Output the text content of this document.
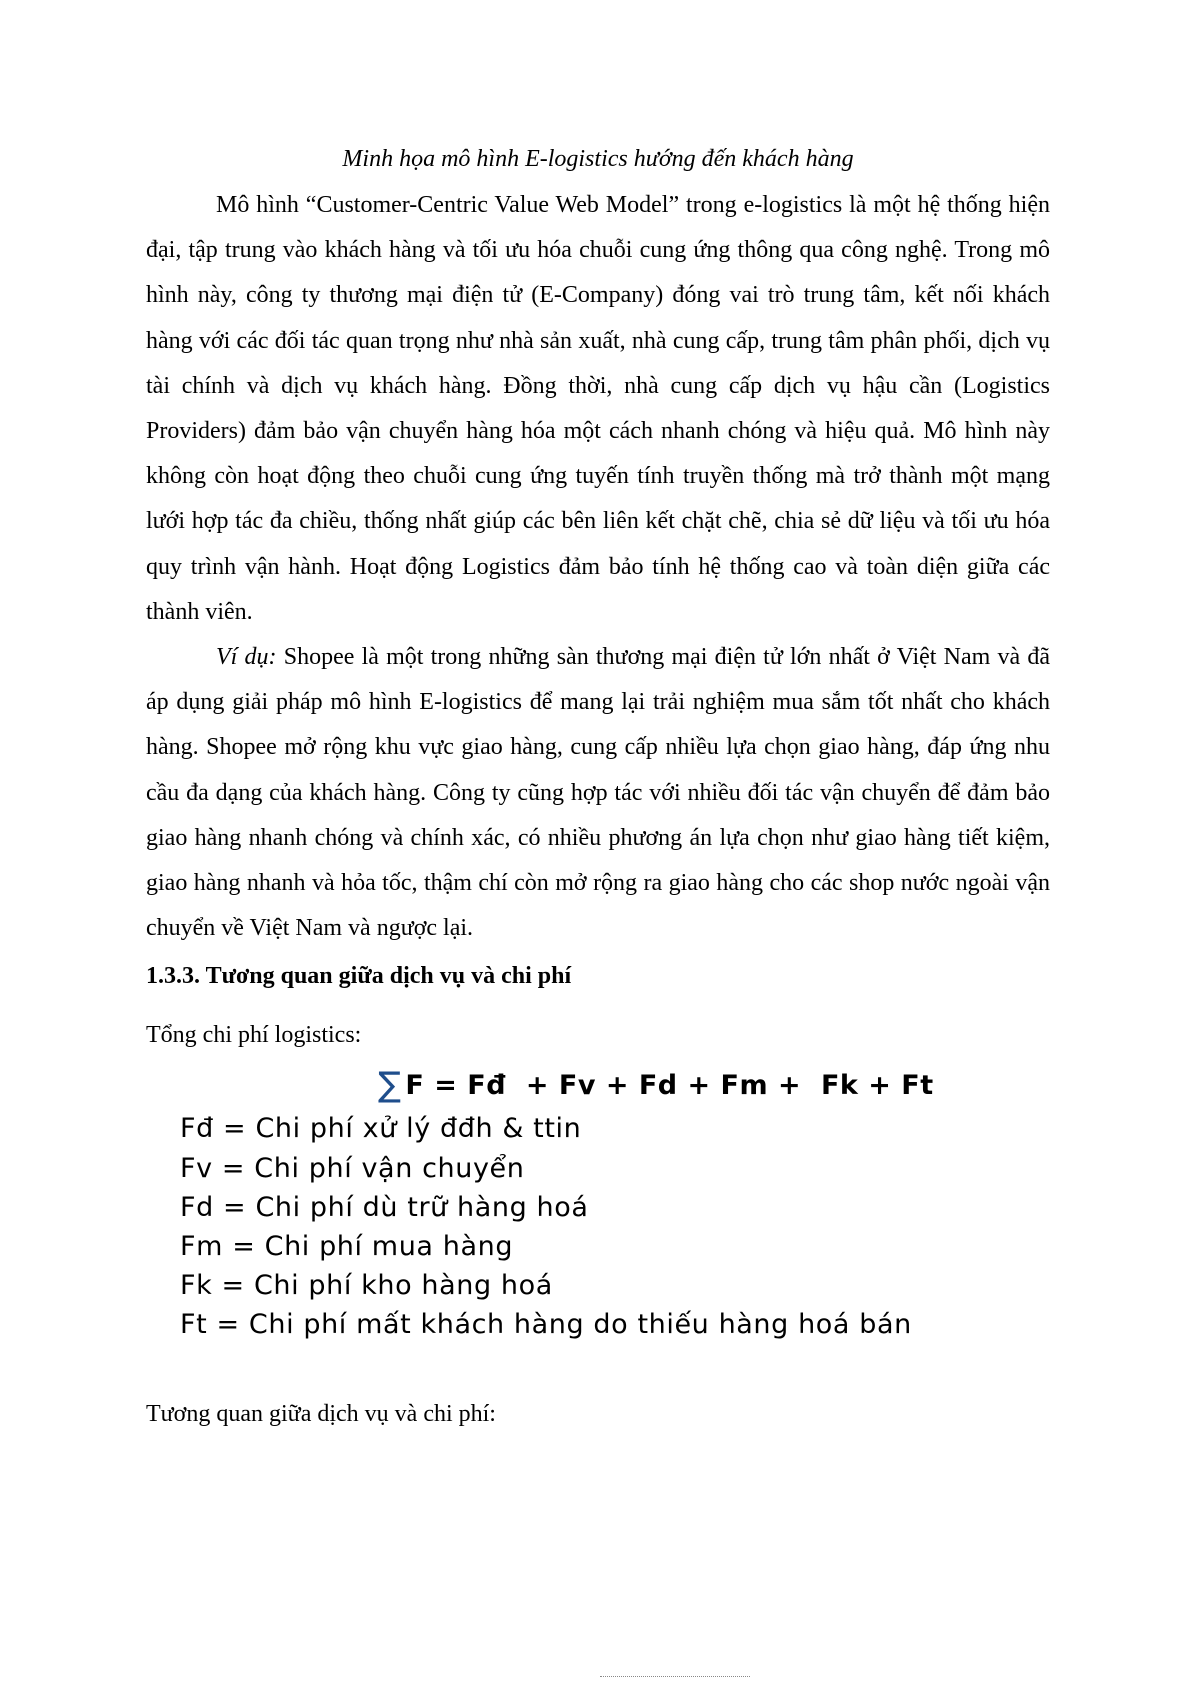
Minh họa mô hình E-logistics hướng đến khách hàng

Mô hình “Customer-Centric Value Web Model” trong e-logistics là một hệ thống hiện đại, tập trung vào khách hàng và tối ưu hóa chuỗi cung ứng thông qua công nghệ. Trong mô hình này, công ty thương mại điện tử (E-Company) đóng vai trò trung tâm, kết nối khách hàng với các đối tác quan trọng như nhà sản xuất, nhà cung cấp, trung tâm phân phối, dịch vụ tài chính và dịch vụ khách hàng. Đồng thời, nhà cung cấp dịch vụ hậu cần (Logistics Providers) đảm bảo vận chuyển hàng hóa một cách nhanh chóng và hiệu quả. Mô hình này không còn hoạt động theo chuỗi cung ứng tuyến tính truyền thống mà trở thành một mạng lưới hợp tác đa chiều, thống nhất giúp các bên liên kết chặt chẽ, chia sẻ dữ liệu và tối ưu hóa quy trình vận hành. Hoạt động Logistics đảm bảo tính hệ thống cao và toàn diện giữa các thành viên.

Ví dụ: Shopee là một trong những sàn thương mại điện tử lớn nhất ở Việt Nam và đã áp dụng giải pháp mô hình E-logistics để mang lại trải nghiệm mua sắm tốt nhất cho khách hàng. Shopee mở rộng khu vực giao hàng, cung cấp nhiều lựa chọn giao hàng, đáp ứng nhu cầu đa dạng của khách hàng. Công ty cũng hợp tác với nhiều đối tác vận chuyển để đảm bảo giao hàng nhanh chóng và chính xác, có nhiều phương án lựa chọn như giao hàng tiết kiệm, giao hàng nhanh và hỏa tốc, thậm chí còn mở rộng ra giao hàng cho các shop nước ngoài vận chuyển về Việt Nam và ngược lại.

1.3.3. Tương quan giữa dịch vụ và chi phí
Tổng chi phí logistics:
∑ F = Fđ  + Fv + Fd + Fm +  Fk + Ft
Fđ = Chi phí xử lý đđh & ttin
Fv = Chi phí vận chuyển
Fd = Chi phí dù trữ hàng hoá
Fm = Chi phí mua hàng
Fk = Chi phí kho hàng hoá
Ft = Chi phí mất khách hàng do thiếu hàng hoá bán
Tương quan giữa dịch vụ và chi phí:
